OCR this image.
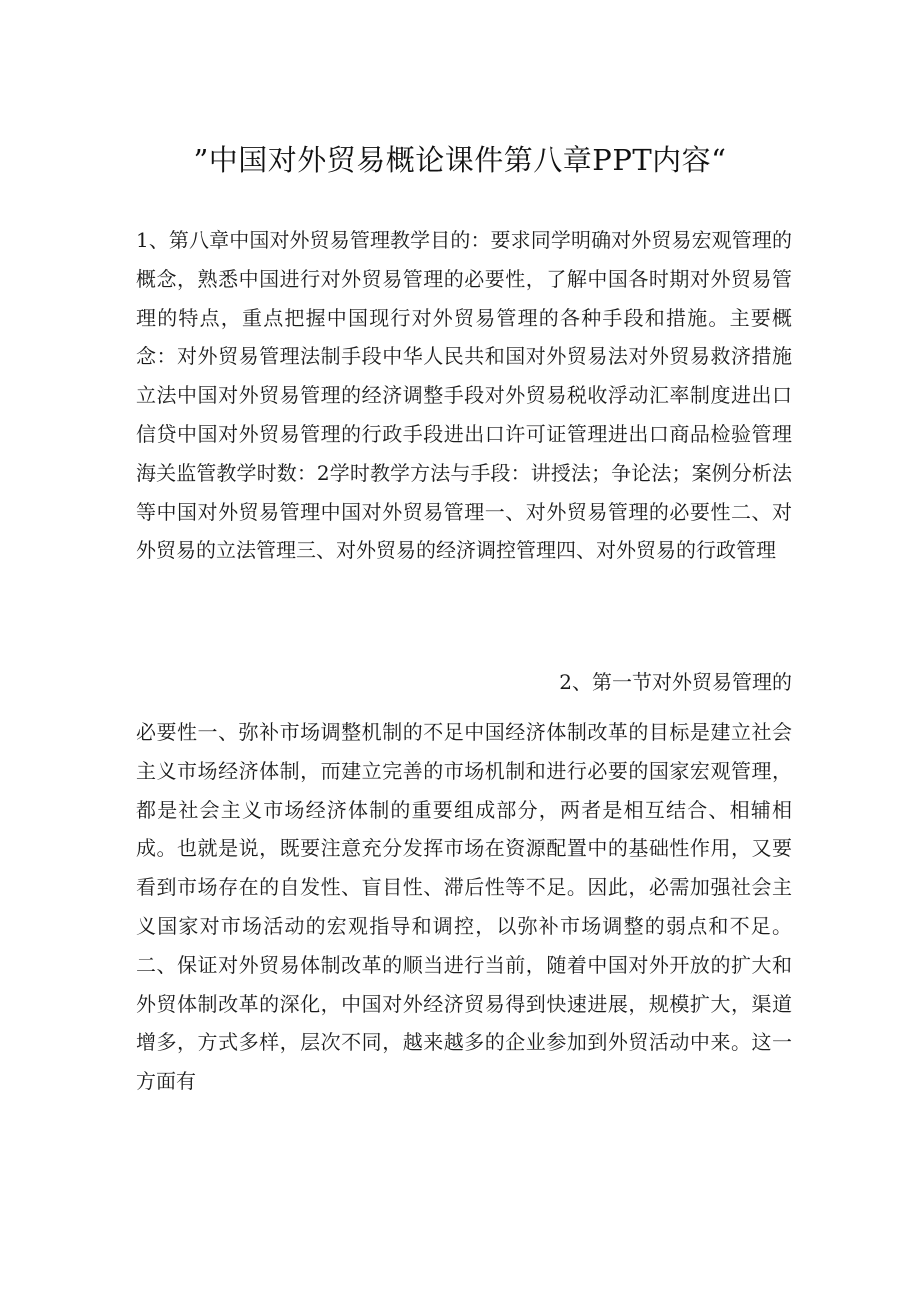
”中国对外贸易概论课件第八章PPT内容“

1、第八章中国对外贸易管理教学目的：要求同学明确对外贸易宏观管理的概念，熟悉中国进行对外贸易管理的必要性，了解中国各时期对外贸易管理的特点，重点把握中国现行对外贸易管理的各种手段和措施。主要概念：对外贸易管理法制手段中华人民共和国对外贸易法对外贸易救济措施立法中国对外贸易管理的经济调整手段对外贸易税收浮动汇率制度进出口信贷中国对外贸易管理的行政手段进出口许可证管理进出口商品检验管理海关监管教学时数：2学时教学方法与手段：讲授法；争论法；案例分析法等中国对外贸易管理中国对外贸易管理一、对外贸易管理的必要性二、对外贸易的立法管理三、对外贸易的经济调控管理四、对外贸易的行政管理

2、第一节对外贸易管理的

必要性一、弥补市场调整机制的不足中国经济体制改革的目标是建立社会主义市场经济体制，而建立完善的市场机制和进行必要的国家宏观管理，都是社会主义市场经济体制的重要组成部分，两者是相互结合、相辅相成。也就是说，既要注意充分发挥市场在资源配置中的基础性作用，又要看到市场存在的自发性、盲目性、滞后性等不足。因此，必需加强社会主义国家对市场活动的宏观指导和调控，以弥补市场调整的弱点和不足。二、保证对外贸易体制改革的顺当进行当前，随着中国对外开放的扩大和外贸体制改革的深化，中国对外经济贸易得到快速进展，规模扩大，渠道增多，方式多样，层次不同，越来越多的企业参加到外贸活动中来。这一方面有
